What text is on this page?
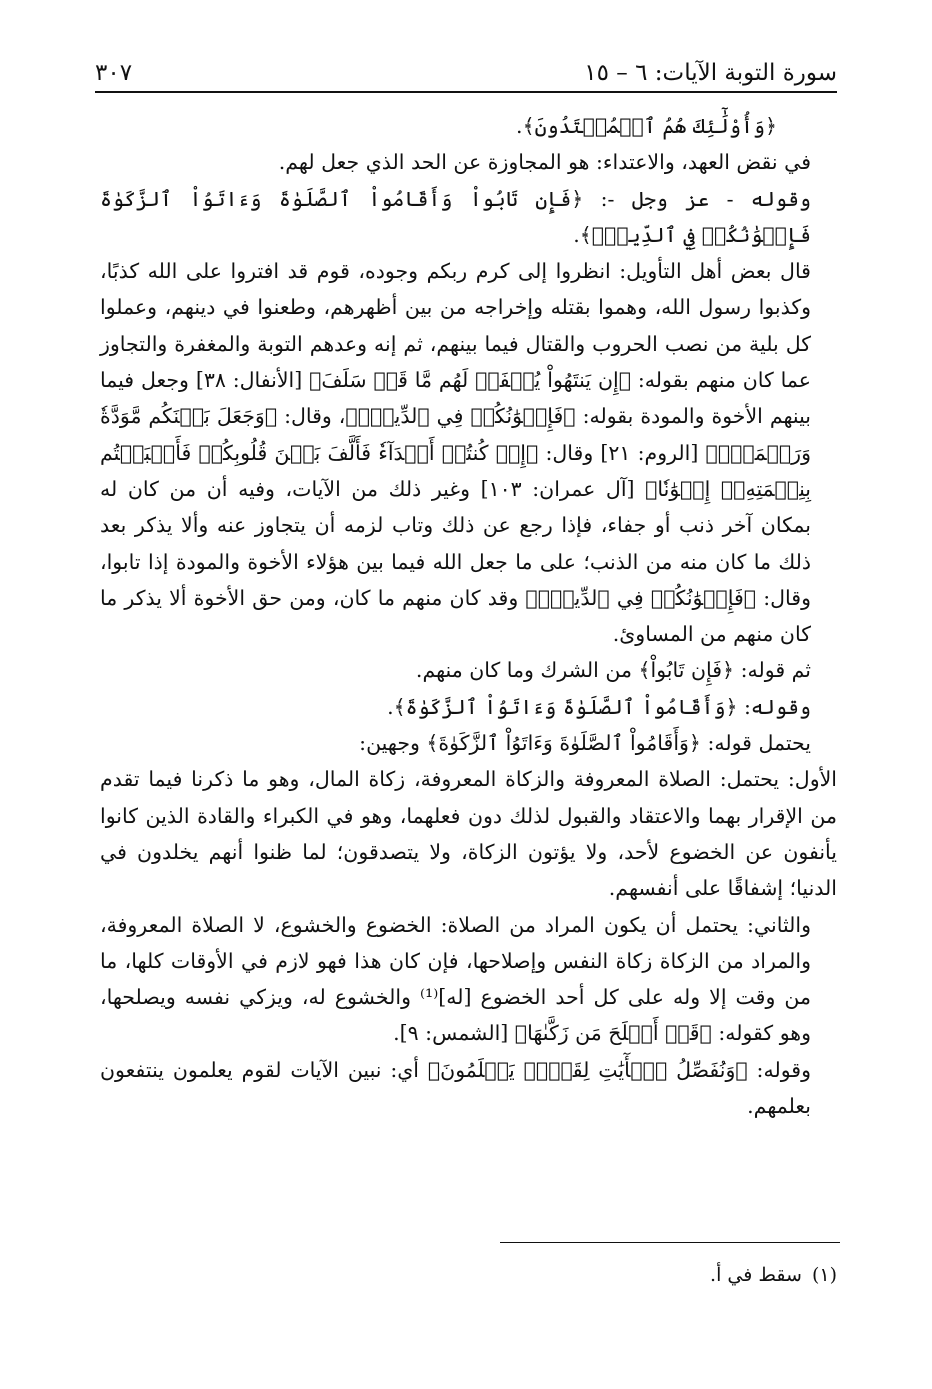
سورة التوبة الآيات: ٦ – ١٥
٣٠٧

﴿وَأُوْلَٰٓئِكَ هُمُ ٱلۡمُعۡتَدُونَ﴾.

في نقض العهد، والاعتداء: هو المجاوزة عن الحد الذي جعل لهم.

وقوله - عز وجل -: ﴿فَإِن تَابُواْ وَأَقَامُواْ ٱلصَّلَوٰةَ وَءَاتَوُاْ ٱلزَّكَوٰةَ فَإِخۡوَٰنُكُمۡ فِي ٱلدِّينِۗ﴾.

قال بعض أهل التأويل: انظروا إلى كرم ربكم وجوده، قوم قد افتروا على الله كذبًا، وكذبوا رسول الله، وهموا بقتله وإخراجه من بين أظهرهم، وطعنوا في دينهم، وعملوا كل بلية من نصب الحروب والقتال فيما بينهم، ثم إنه وعدهم التوبة والمغفرة والتجاوز عما كان منهم بقوله: ﴿إِن يَنتَهُواْ يُغۡفَرۡ لَهُم مَّا قَدۡ سَلَفَ﴾ [الأنفال: ٣٨] وجعل فيما بينهم الأخوة والمودة بقوله: ﴿فَإِخۡوَٰنُكُمۡ فِي ٱلدِّينِۗ﴾، وقال: ﴿وَجَعَلَ بَيۡنَكُم مَّوَدَّةٗ وَرَحۡمَةًۚ﴾ [الروم: ٢١] وقال: ﴿إِذۡ كُنتُمۡ أَعۡدَآءٗ فَأَلَّفَ بَيۡنَ قُلُوبِكُمۡ فَأَصۡبَحۡتُم بِنِعۡمَتِهِۦٓ إِخۡوَٰنٗا﴾ [آل عمران: ١٠٣] وغير ذلك من الآيات، وفيه أن من كان له بمكان آخر ذنب أو جفاء، فإذا رجع عن ذلك وتاب لزمه أن يتجاوز عنه وألا يذكر بعد ذلك ما كان منه من الذنب؛ على ما جعل الله فيما بين هؤلاء الأخوة والمودة إذا تابوا، وقال: ﴿فَإِخۡوَٰنُكُمۡ فِي ٱلدِّينِۗ﴾ وقد كان منهم ما كان، ومن حق الأخوة ألا يذكر ما كان منهم من المساوئ.

ثم قوله: ﴿فَإِن تَابُواْ﴾ من الشرك وما كان منهم.

وقوله: ﴿وَأَقَامُواْ ٱلصَّلَوٰةَ وَءَاتَوُاْ ٱلزَّكَوٰةَ﴾.

يحتمل قوله: ﴿وَأَقَامُواْ ٱلصَّلَوٰةَ وَءَاتَوُاْ ٱلزَّكَوٰةَ﴾ وجهين:

الأول: يحتمل: الصلاة المعروفة والزكاة المعروفة، زكاة المال، وهو ما ذكرنا فيما تقدم من الإقرار بهما والاعتقاد والقبول لذلك دون فعلهما، وهو في الكبراء والقادة الذين كانوا يأنفون عن الخضوع لأحد، ولا يؤتون الزكاة، ولا يتصدقون؛ لما ظنوا أنهم يخلدون في الدنيا؛ إشفاقًا على أنفسهم.

والثاني: يحتمل أن يكون المراد من الصلاة: الخضوع والخشوع، لا الصلاة المعروفة، والمراد من الزكاة زكاة النفس وإصلاحها، فإن كان هذا فهو لازم في الأوقات كلها، ما من وقت إلا وله على كل أحد الخضوع [له]⁽¹⁾ والخشوع له، ويزكي نفسه ويصلحها، وهو كقوله: ﴿قَدۡ أَفۡلَحَ مَن زَكَّىٰهَا﴾ [الشمس: ٩].

وقوله: ﴿وَنُفَصِّلُ ٱلۡأٓيَٰتِ لِقَوۡمٖ يَعۡلَمُونَ﴾ أي: نبين الآيات لقوم يعلمون ينتفعون بعلمهم.

(١)سقط في أ.
